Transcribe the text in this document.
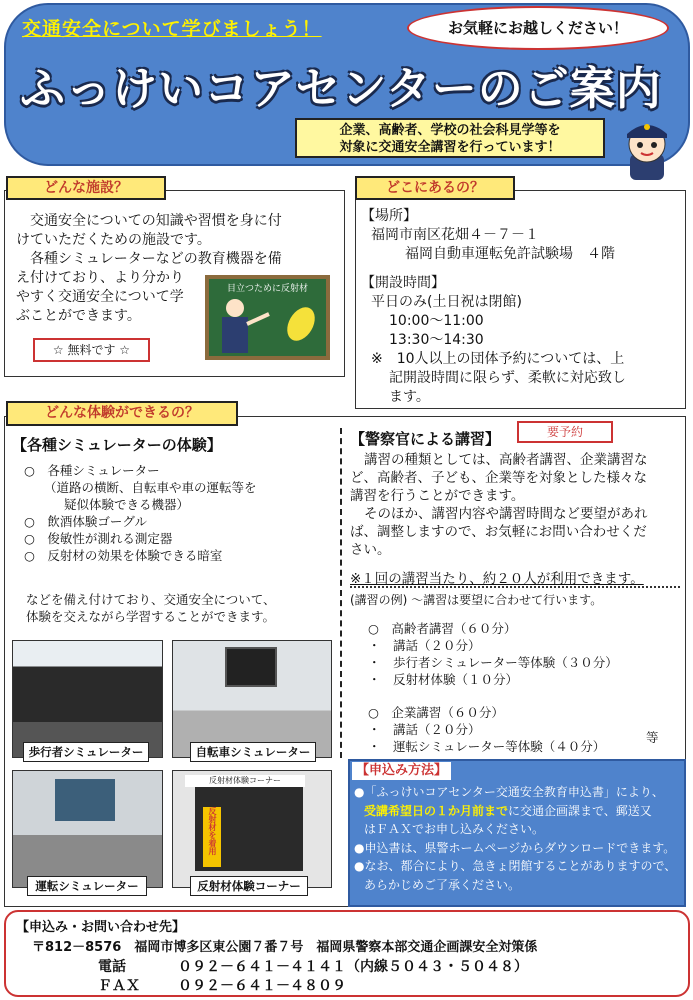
交通安全について学びましょう！	お気軽にお越しください！
ふっけいコアセンターのご案内
企業、高齢者、学校の社会科見学等を
対象に交通安全講習を行っています！
どんな施設？
交通安全についての知識や習慣を身に付
けていただくための施設です。
各種シミュレーターなどの教育機器を備
え付けており、より分かり
やすく交通安全について学
ぶことができます。
☆ 無料です ☆
目立つために反射材
どこにあるの？
【場所】
福岡市南区花畑４－７－１
福岡自動車運転免許試験場　４階
【開設時間】
平日のみ(土日祝は閉館)
10:00～11:00
13:30～14:30
※　10人以上の団体予約については、上
記開設時間に限らず、柔軟に対応致し
ます。
どんな体験ができるの？
【各種シミュレーターの体験】
○　各種シミュレーター
（道路の横断、自転車や車の運転等を
疑似体験できる機器）
○　飲酒体験ゴーグル
○　俊敏性が測れる測定器
○　反射材の効果を体験できる暗室
などを備え付けており、交通安全について、
体験を交えながら学習することができます。
歩行者シミュレーター	自転車シミュレーター
運転シミュレーター
反射材体験コーナー
反射材を着用
反射材体験コーナー
【警察官による講習】	要予約
講習の種類としては、高齢者講習、企業講習な
ど、高齢者、子ども、企業等を対象とした様々な
講習を行うことができます。
そのほか、講習内容や講習時間など要望があれ
ば、調整しますので、お気軽にお問い合わせくだ
さい。
※１回の講習当たり、約２０人が利用できます。
(講習の例) ～講習は要望に合わせて行います。
○　高齢者講習（６０分）
・　講話（２０分）
・　歩行者シミュレーター等体験（３０分）
・　反射材体験（１０分）
○　企業講習（６０分）
・　講話（２０分）
・　運転シミュレーター等体験（４０分）
等
【申込み方法】
●「ふっけいコアセンター交通安全教育申込書」により、
受講希望日の１か月前までに交通企画課まで、郵送又
はＦＡＸでお申し込みください。
●申込書は、県警ホームページからダウンロードできます。
●なお、都合により、急きょ閉館することがありますので、
あらかじめご了承ください。
【申込み・お問い合わせ先】
〒812－8576　福岡市博多区東公園７番７号　福岡県警察本部交通企画課安全対策係
電話	０９２－６４１－４１４１（内線５０４３・５０４８）
ＦＡＸ	０９２－６４１－４８０９
